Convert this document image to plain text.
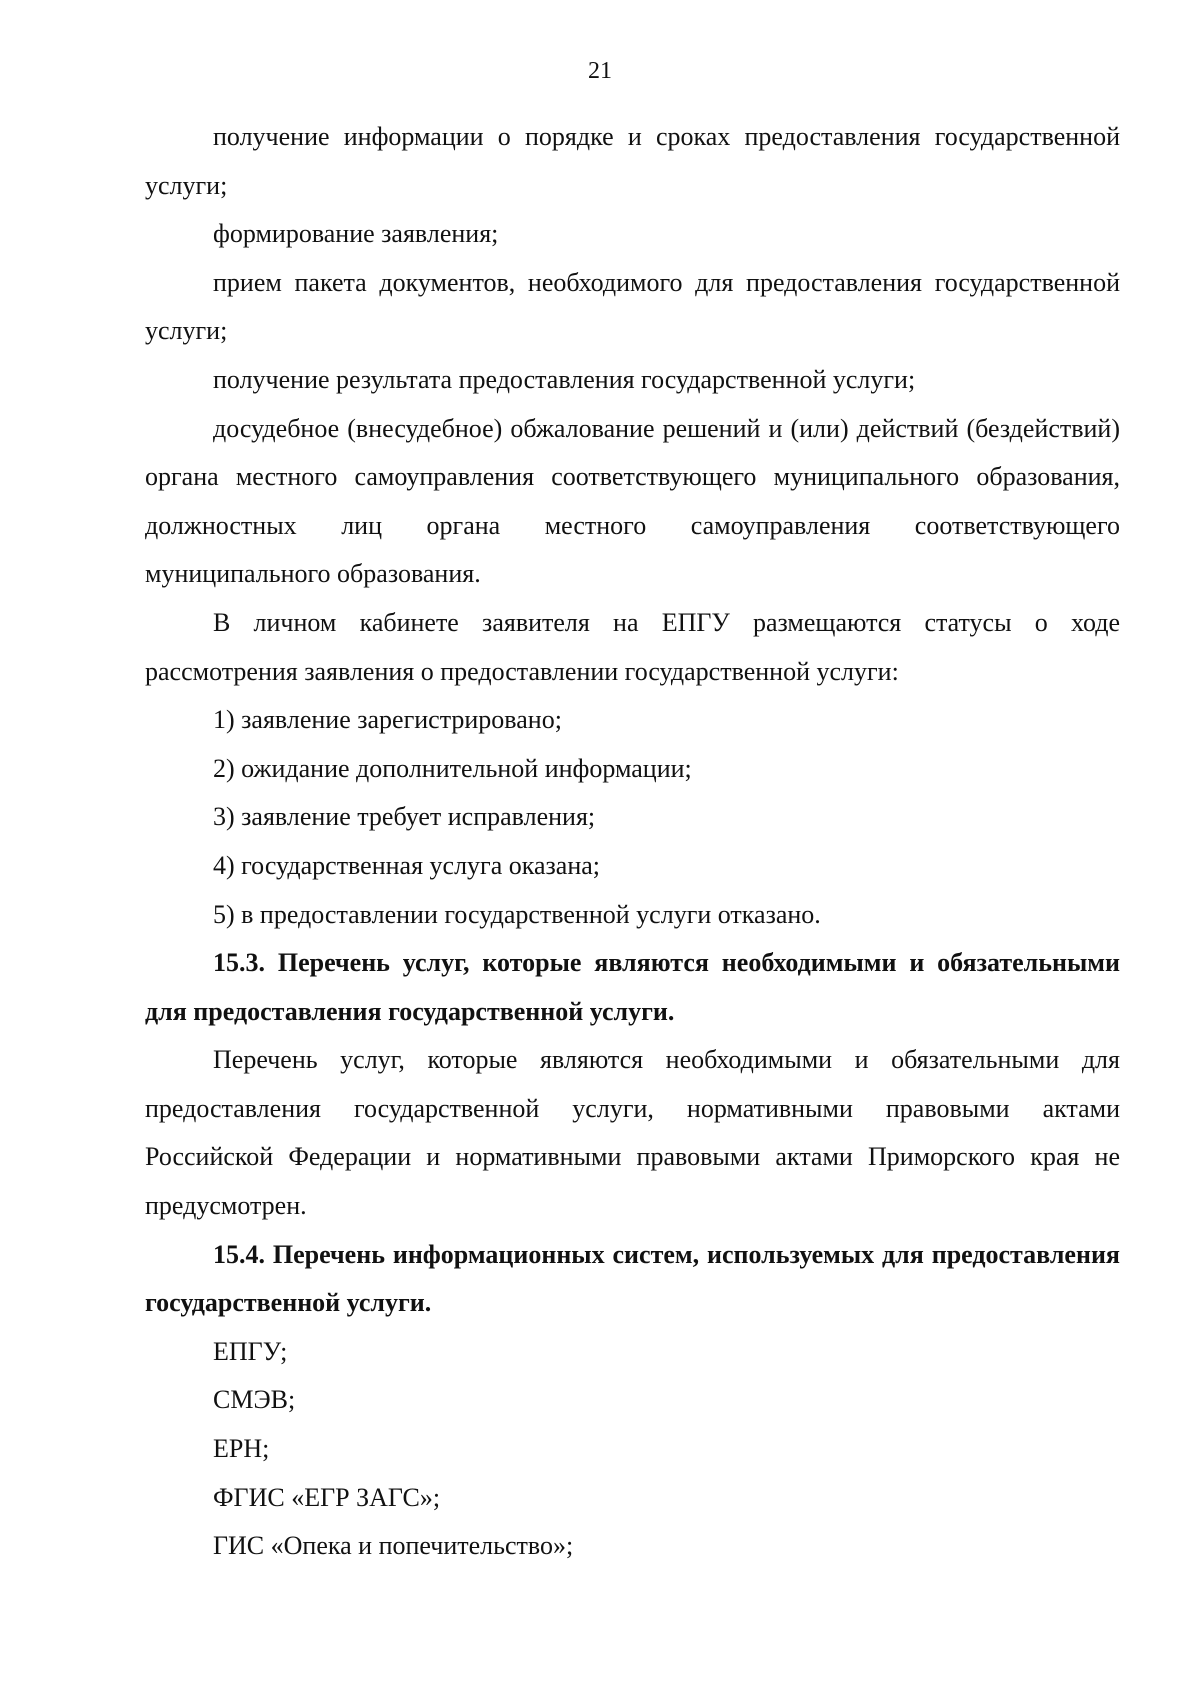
21

получение информации о порядке и сроках предоставления государственной услуги;

формирование заявления;

прием пакета документов, необходимого для предоставления государственной услуги;

получение результата предоставления государственной услуги;

досудебное (внесудебное) обжалование решений и (или) действий (бездействий) органа местного самоуправления соответствующего муниципального образования, должностных лиц органа местного самоуправления соответствующего муниципального образования.

В личном кабинете заявителя на ЕПГУ размещаются статусы о ходе рассмотрения заявления о предоставлении государственной услуги:

1) заявление зарегистрировано;

2) ожидание дополнительной информации;

3) заявление требует исправления;

4) государственная услуга оказана;

5) в предоставлении государственной услуги отказано.

15.3. Перечень услуг, которые являются необходимыми и обязательными для предоставления государственной услуги.

Перечень услуг, которые являются необходимыми и обязательными для предоставления государственной услуги, нормативными правовыми актами Российской Федерации и нормативными правовыми актами Приморского края не предусмотрен.

15.4. Перечень информационных систем, используемых для предоставления государственной услуги.

ЕПГУ;

СМЭВ;

ЕРН;

ФГИС «ЕГР ЗАГС»;

ГИС «Опека и попечительство»;
